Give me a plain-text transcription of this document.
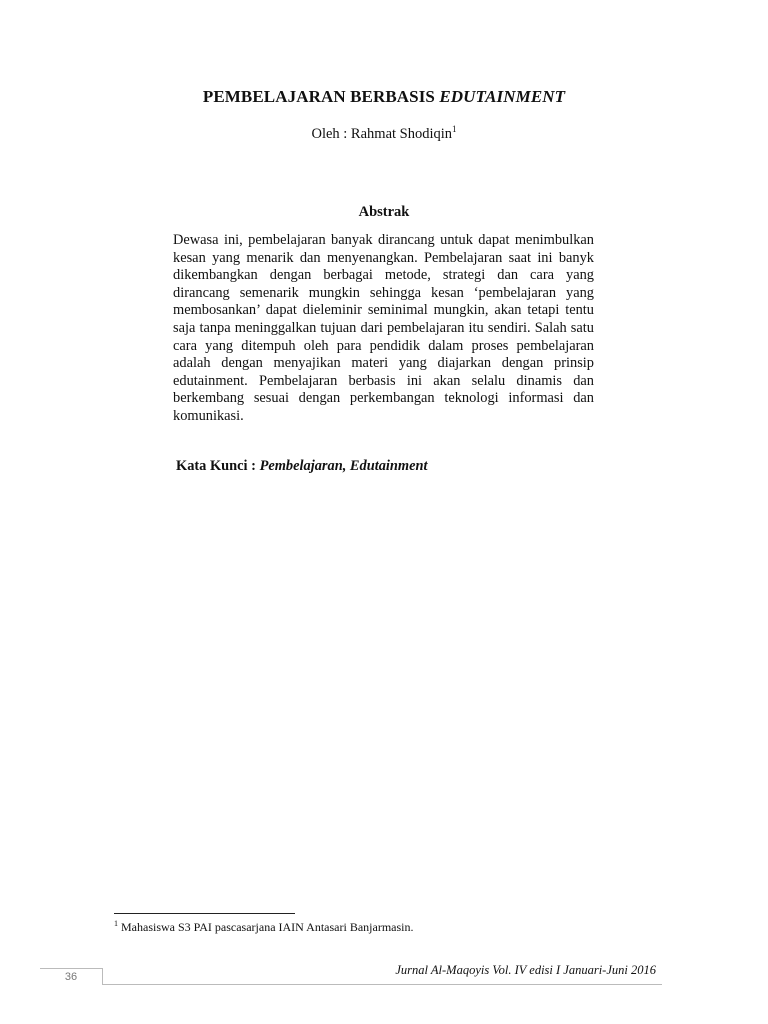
PEMBELAJARAN BERBASIS EDUTAINMENT
Oleh : Rahmat Shodiqin$^1$
Abstrak
Dewasa ini, pembelajaran banyak dirancang untuk dapat menimbulkan kesan yang menarik dan menyenangkan. Pembelajaran saat ini banyk dikembangkan dengan berbagai metode, strategi dan cara yang dirancang semenarik mungkin sehingga kesan ‘pembelajaran yang membosankan’ dapat dieleminir seminimal mungkin, akan tetapi tentu saja tanpa meninggalkan tujuan dari pembelajaran itu sendiri. Salah satu cara yang ditempuh oleh para pendidik dalam proses pembelajaran adalah dengan menyajikan materi yang diajarkan dengan prinsip edutainment. Pembelajaran berbasis ini akan selalu dinamis dan berkembang sesuai dengan perkembangan teknologi informasi dan komunikasi.
Kata Kunci : Pembelajaran, Edutainment
$^1$ Mahasiswa S3 PAI pascasarjana IAIN Antasari Banjarmasin.
Jurnal Al-Maqoyis Vol. IV edisi I Januari-Juni 2016
36
